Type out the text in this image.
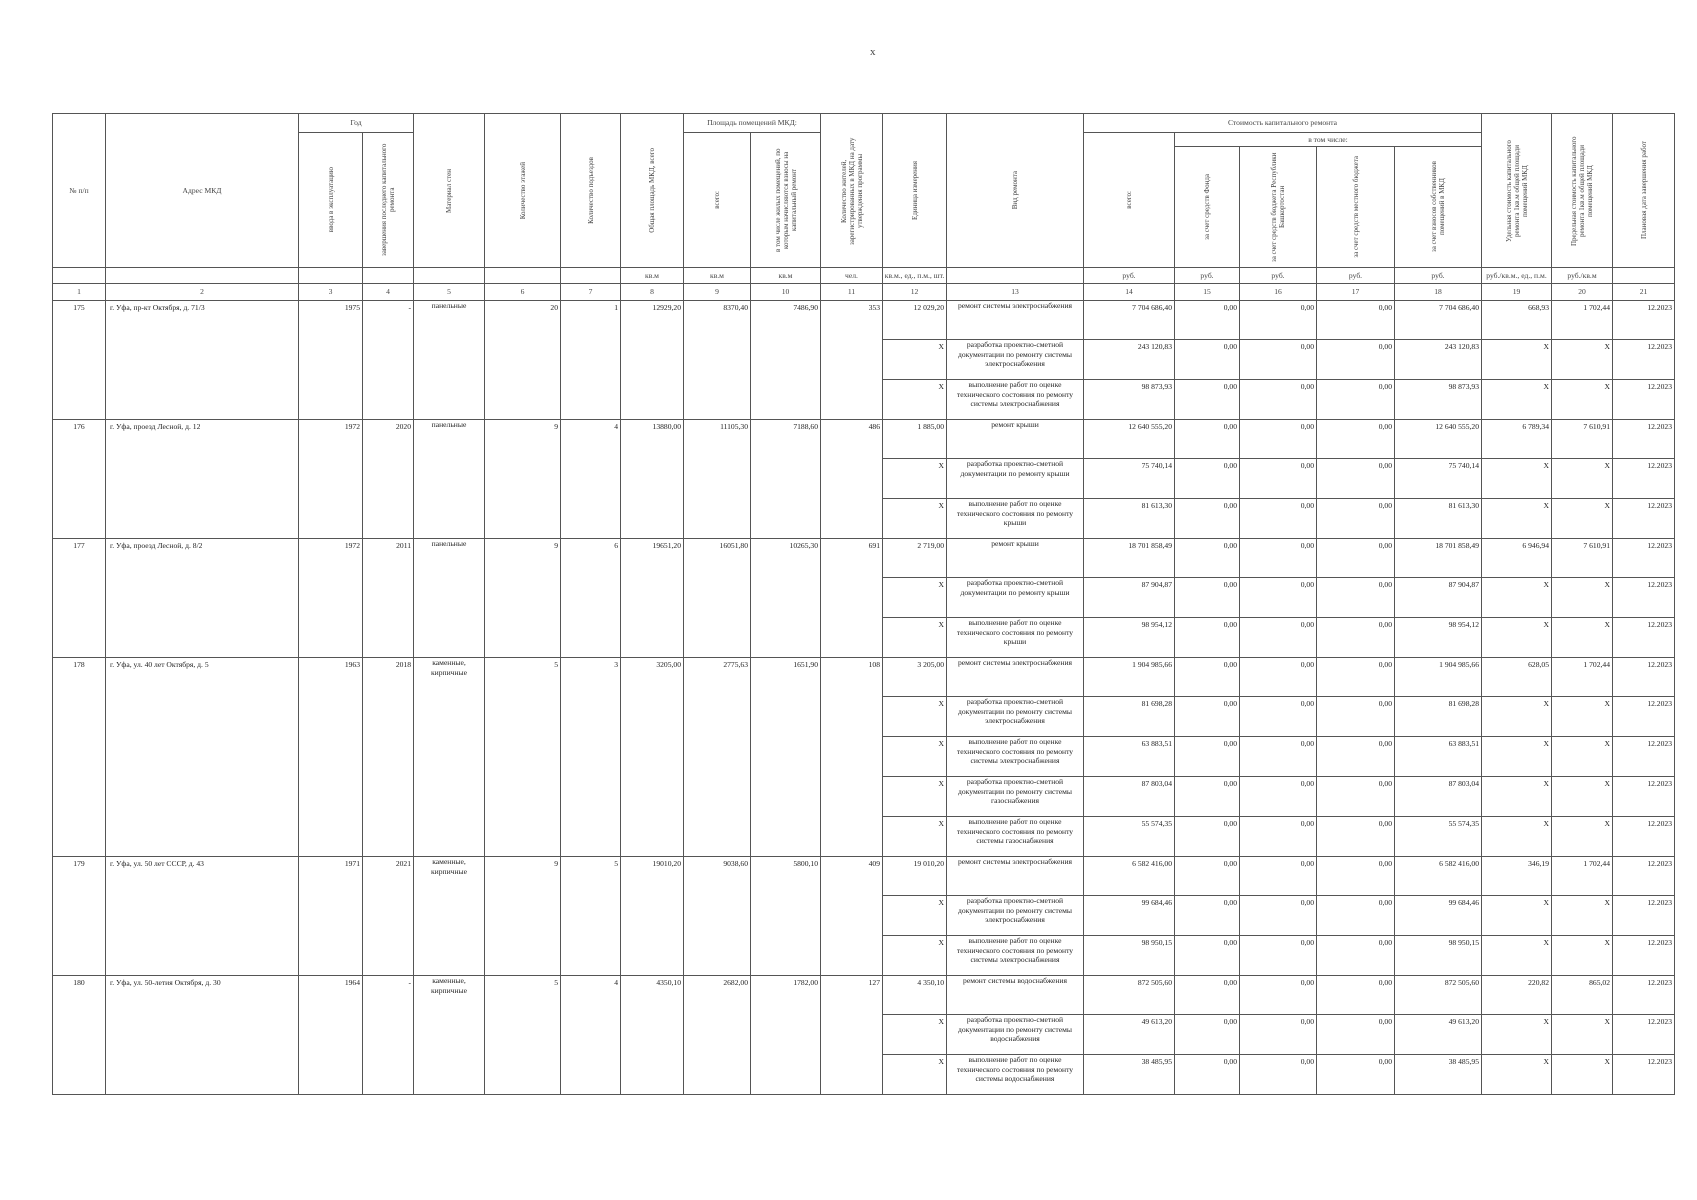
x
№ п/п	Адрес МКД	Год		Материал стен	Количество этажей	Количество подъездов	Общая площадь МКД, всего	Площадь помещений МКД:		Количество жителей, зарегистрированных в МКД на дату утверждения программы	Единица измерения	Вид ремонта	Стоимость капитального ремонта					Удельная стоимость капитального ремонта 1кв.м общей площади помещений МКД	Предельная стоимость капитального ремонта 1кв.м общей площади помещений МКД	Плановая дата завершения работ

		ввода в эксплуатацию	завершения последнего капитального ремонта					всего:	в том числе жилых помещений, по которым начисляются взносы на капитальный ремонт				всего:	в том числе:						

														за счет средств Фонда	за счет средств бюджета Республики Башкортостан	за счет средств местного бюджета	за счет взносов собственников помещений в МКД			

							кв.м	кв.м	кв.м	чел.	кв.м., ед., п.м., шт.		руб.	руб.	руб.	руб.	руб.	руб./кв.м., ед., п.м.	руб./кв.м	
1	2	3	4	5	6	7	8	9	10	11	12	13	14	15	16	17	18	19	20	21
175	г. Уфа, пр-кт Октября, д. 71/3	1975	-	панельные	20	1	12929,20	8370,40	7486,90	353	12 029,20	ремонт системы электроснабжения	7 704 686,40	0,00	0,00	0,00	7 704 686,40	668,93	1 702,44	12.2023
											X	разработка проектно-сметной документации по ремонту системы электроснабжения	243 120,83	0,00	0,00	0,00	243 120,83	X	X	12.2023
											X	выполнение работ по оценке технического состояния по ремонту системы электроснабжения	98 873,93	0,00	0,00	0,00	98 873,93	X	X	12.2023
176	г. Уфа, проезд Лесной, д. 12	1972	2020	панельные	9	4	13880,00	11105,30	7188,60	486	1 885,00	ремонт крыши	12 640 555,20	0,00	0,00	0,00	12 640 555,20	6 789,34	7 610,91	12.2023
											X	разработка проектно-сметной документации по ремонту крыши	75 740,14	0,00	0,00	0,00	75 740,14	X	X	12.2023
											X	выполнение работ по оценке технического состояния по ремонту крыши	81 613,30	0,00	0,00	0,00	81 613,30	X	X	12.2023
177	г. Уфа, проезд Лесной, д. 8/2	1972	2011	панельные	9	6	19651,20	16051,80	10265,30	691	2 719,00	ремонт крыши	18 701 858,49	0,00	0,00	0,00	18 701 858,49	6 946,94	7 610,91	12.2023
											X	разработка проектно-сметной документации по ремонту крыши	87 904,87	0,00	0,00	0,00	87 904,87	X	X	12.2023
											X	выполнение работ по оценке технического состояния по ремонту крыши	98 954,12	0,00	0,00	0,00	98 954,12	X	X	12.2023
178	г. Уфа, ул. 40 лет Октября, д. 5	1963	2018	каменные, кирпичные	5	3	3205,00	2775,63	1651,90	108	3 205,00	ремонт системы электроснабжения	1 904 985,66	0,00	0,00	0,00	1 904 985,66	628,05	1 702,44	12.2023
											X	разработка проектно-сметной документации по ремонту системы электроснабжения	81 698,28	0,00	0,00	0,00	81 698,28	X	X	12.2023
											X	выполнение работ по оценке технического состояния по ремонту системы электроснабжения	63 883,51	0,00	0,00	0,00	63 883,51	X	X	12.2023
											X	разработка проектно-сметной документации по ремонту системы газоснабжения	87 803,04	0,00	0,00	0,00	87 803,04	X	X	12.2023
											X	выполнение работ по оценке технического состояния по ремонту системы газоснабжения	55 574,35	0,00	0,00	0,00	55 574,35	X	X	12.2023
179	г. Уфа, ул. 50 лет СССР, д. 43	1971	2021	каменные, кирпичные	9	5	19010,20	9038,60	5800,10	409	19 010,20	ремонт системы электроснабжения	6 582 416,00	0,00	0,00	0,00	6 582 416,00	346,19	1 702,44	12.2023
											X	разработка проектно-сметной документации по ремонту системы электроснабжения	99 684,46	0,00	0,00	0,00	99 684,46	X	X	12.2023
											X	выполнение работ по оценке технического состояния по ремонту системы электроснабжения	98 950,15	0,00	0,00	0,00	98 950,15	X	X	12.2023
180	г. Уфа, ул. 50-летия Октября, д. 30	1964	-	каменные, кирпичные	5	4	4350,10	2682,00	1782,00	127	4 350,10	ремонт системы водоснабжения	872 505,60	0,00	0,00	0,00	872 505,60	220,82	865,02	12.2023
											X	разработка проектно-сметной документации по ремонту системы водоснабжения	49 613,20	0,00	0,00	0,00	49 613,20	X	X	12.2023
											X	выполнение работ по оценке технического состояния по ремонту системы водоснабжения	38 485,95	0,00	0,00	0,00	38 485,95	X	X	12.2023
